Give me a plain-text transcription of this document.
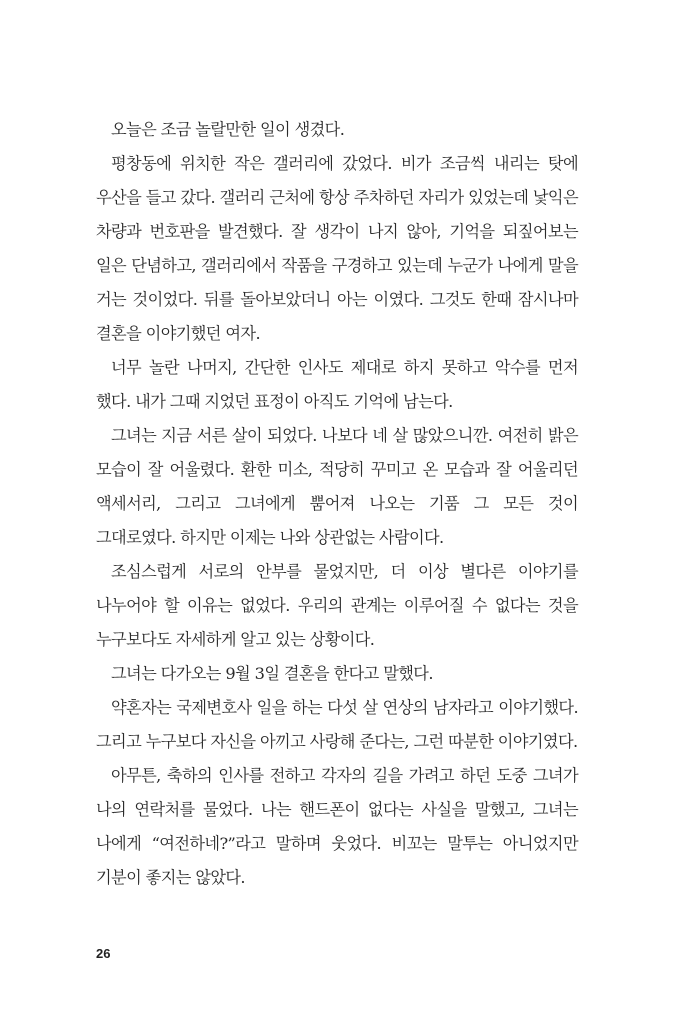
오늘은 조금 놀랄만한 일이 생겼다.

평창동에 위치한 작은 갤러리에 갔었다. 비가 조금씩 내리는 탓에 우산을 들고 갔다. 갤러리 근처에 항상 주차하던 자리가 있었는데 낯익은 차량과 번호판을 발견했다. 잘 생각이 나지 않아, 기억을 되짚어보는 일은 단념하고, 갤러리에서 작품을 구경하고 있는데 누군가 나에게 말을 거는 것이었다. 뒤를 돌아보았더니 아는 이였다. 그것도 한때 잠시나마 결혼을 이야기했던 여자.

너무 놀란 나머지, 간단한 인사도 제대로 하지 못하고 악수를 먼저 했다. 내가 그때 지었던 표정이 아직도 기억에 남는다.

그녀는 지금 서른 살이 되었다. 나보다 네 살 많았으니깐. 여전히 밝은 모습이 잘 어울렸다. 환한 미소, 적당히 꾸미고 온 모습과 잘 어울리던 액세서리, 그리고 그녀에게 뿜어져 나오는 기품 그 모든 것이 그대로였다. 하지만 이제는 나와 상관없는 사람이다.

조심스럽게 서로의 안부를 물었지만, 더 이상 별다른 이야기를 나누어야 할 이유는 없었다. 우리의 관계는 이루어질 수 없다는 것을 누구보다도 자세하게 알고 있는 상황이다.

그녀는 다가오는 9월 3일 결혼을 한다고 말했다.

약혼자는 국제변호사 일을 하는 다섯 살 연상의 남자라고 이야기했다. 그리고 누구보다 자신을 아끼고 사랑해 준다는, 그런 따분한 이야기였다.

아무튼, 축하의 인사를 전하고 각자의 길을 가려고 하던 도중 그녀가 나의 연락처를 물었다. 나는 핸드폰이 없다는 사실을 말했고, 그녀는 나에게 “여전하네?”라고 말하며 웃었다. 비꼬는 말투는 아니었지만 기분이 좋지는 않았다.

26
